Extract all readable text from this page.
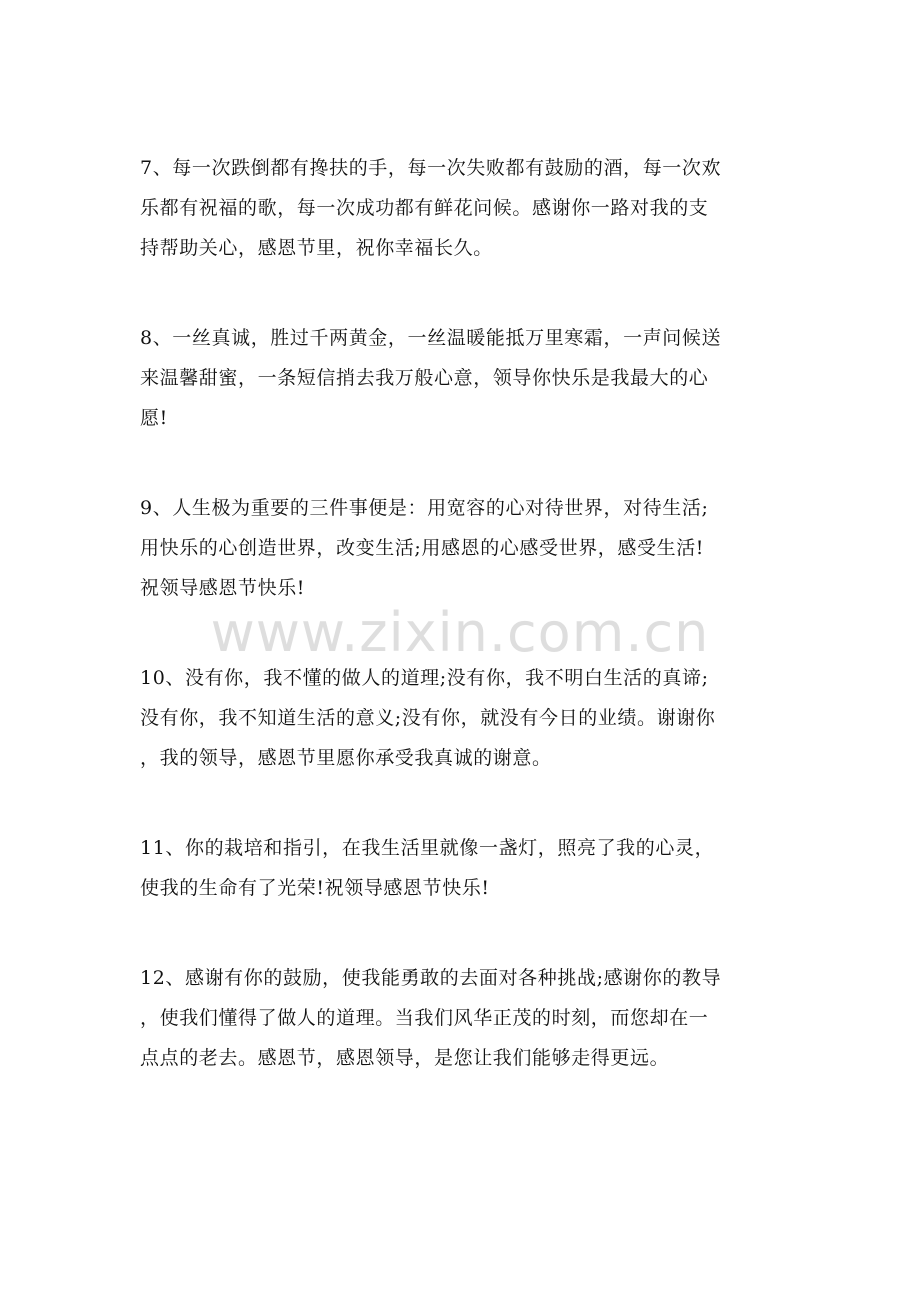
www.zixin.com.cn
7、每一次跌倒都有搀扶的手，每一次失败都有鼓励的酒，每一次欢
乐都有祝福的歌，每一次成功都有鲜花问候。感谢你一路对我的支
持帮助关心，感恩节里，祝你幸福长久。
8、一丝真诚，胜过千两黄金，一丝温暖能抵万里寒霜，一声问候送
来温馨甜蜜，一条短信捎去我万般心意，领导你快乐是我最大的心
愿!
9、人生极为重要的三件事便是：用宽容的心对待世界，对待生活;
用快乐的心创造世界，改变生活;用感恩的心感受世界，感受生活!
祝领导感恩节快乐!
10、没有你，我不懂的做人的道理;没有你，我不明白生活的真谛;
没有你，我不知道生活的意义;没有你，就没有今日的业绩。谢谢你
，我的领导，感恩节里愿你承受我真诚的谢意。
11、你的栽培和指引，在我生活里就像一盏灯，照亮了我的心灵，
使我的生命有了光荣!祝领导感恩节快乐!
12、感谢有你的鼓励，使我能勇敢的去面对各种挑战;感谢你的教导
，使我们懂得了做人的道理。当我们风华正茂的时刻，而您却在一
点点的老去。感恩节，感恩领导，是您让我们能够走得更远。
